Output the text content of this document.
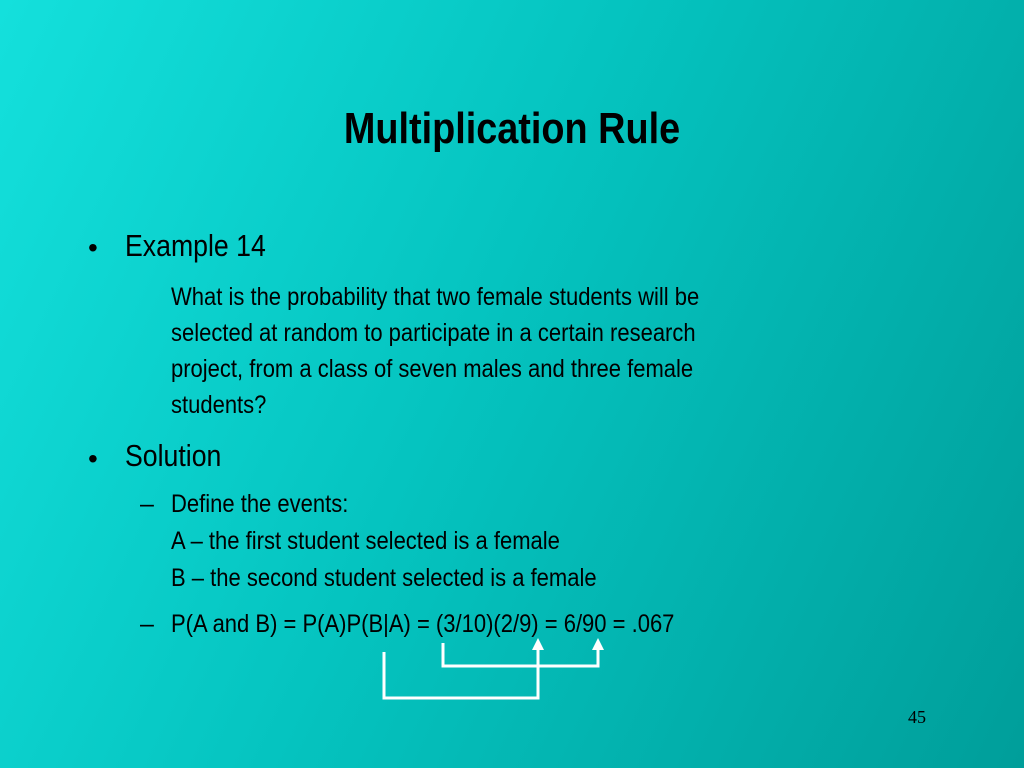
Multiplication Rule
• Example 14
What is the probability that two female students will be
selected at random to participate in a certain research
project, from a class of seven males and three female
students?
• Solution
– Define the events:
A – the first student selected is a female
B – the second student selected is a female
– P(A and B) = P(A)P(B|A) = (3/10)(2/9) = 6/90 = .067
45
